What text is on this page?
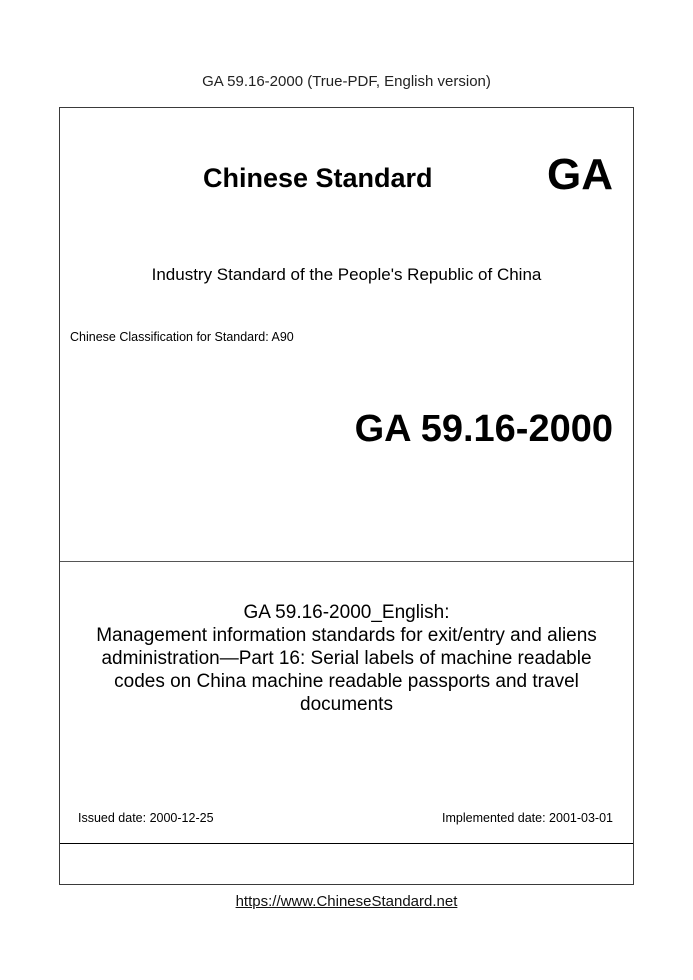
GA 59.16-2000 (True-PDF, English version)
Chinese Standard	GA
Industry Standard of the People's Republic of China
Chinese Classification for Standard: A90
GA 59.16-2000
GA 59.16-2000_English:
Management information standards for exit/entry and aliens
administration—Part 16: Serial labels of machine readable
codes on China machine readable passports and travel
documents
Issued date: 2000-12-25	Implemented date: 2001-03-01
https://www.ChineseStandard.net
